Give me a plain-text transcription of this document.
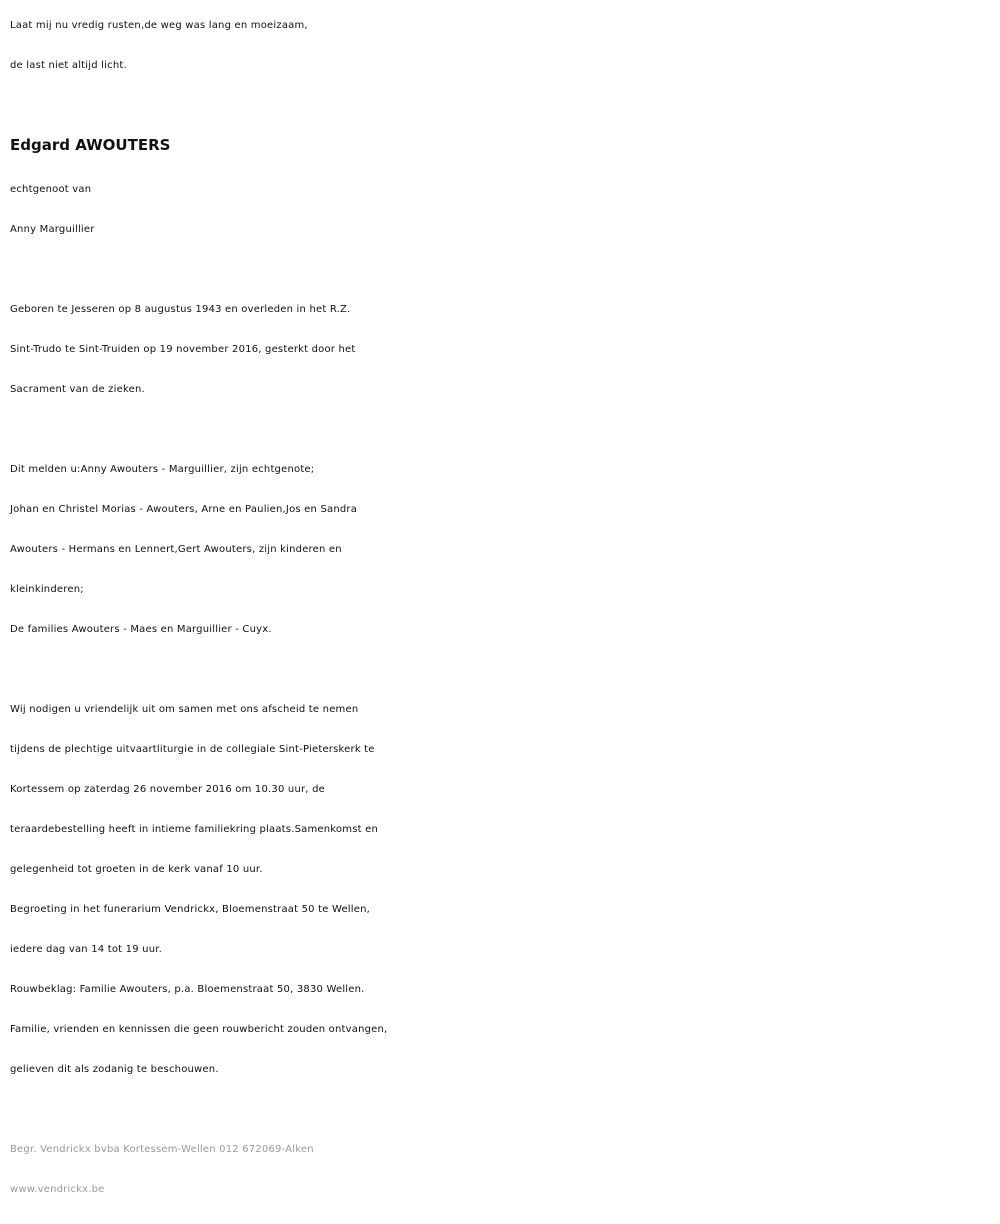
Laat mij nu vredig rusten,de weg was lang en moeizaam,
de last niet altijd licht.
Edgard AWOUTERS
echtgenoot van
Anny Marguillier
Geboren te Jesseren op 8 augustus 1943 en overleden in het R.Z.
Sint-Trudo te Sint-Truiden op 19 november 2016, gesterkt door het
Sacrament van de zieken.
Dit melden u:Anny Awouters - Marguillier, zijn echtgenote;
Johan en Christel Morias - Awouters, Arne en Paulien,Jos en Sandra
Awouters - Hermans en Lennert,Gert Awouters, zijn kinderen en
kleinkinderen;
De families Awouters - Maes en Marguillier - Cuyx.
Wij nodigen u vriendelijk uit om samen met ons afscheid te nemen
tijdens de plechtige uitvaartliturgie in de collegiale Sint-Pieterskerk te
Kortessem op zaterdag 26 november 2016 om 10.30 uur, de
teraardebestelling heeft in intieme familiekring plaats.Samenkomst en
gelegenheid tot groeten in de kerk vanaf 10 uur.
Begroeting in het funerarium Vendrickx, Bloemenstraat 50 te Wellen,
iedere dag van 14 tot 19 uur.
Rouwbeklag: Familie Awouters, p.a. Bloemenstraat 50, 3830 Wellen.
Familie, vrienden en kennissen die geen rouwbericht zouden ontvangen,
gelieven dit als zodanig te beschouwen.
Begr. Vendrickx bvba Kortessem-Wellen 012 672069-Alken
www.vendrickx.be
